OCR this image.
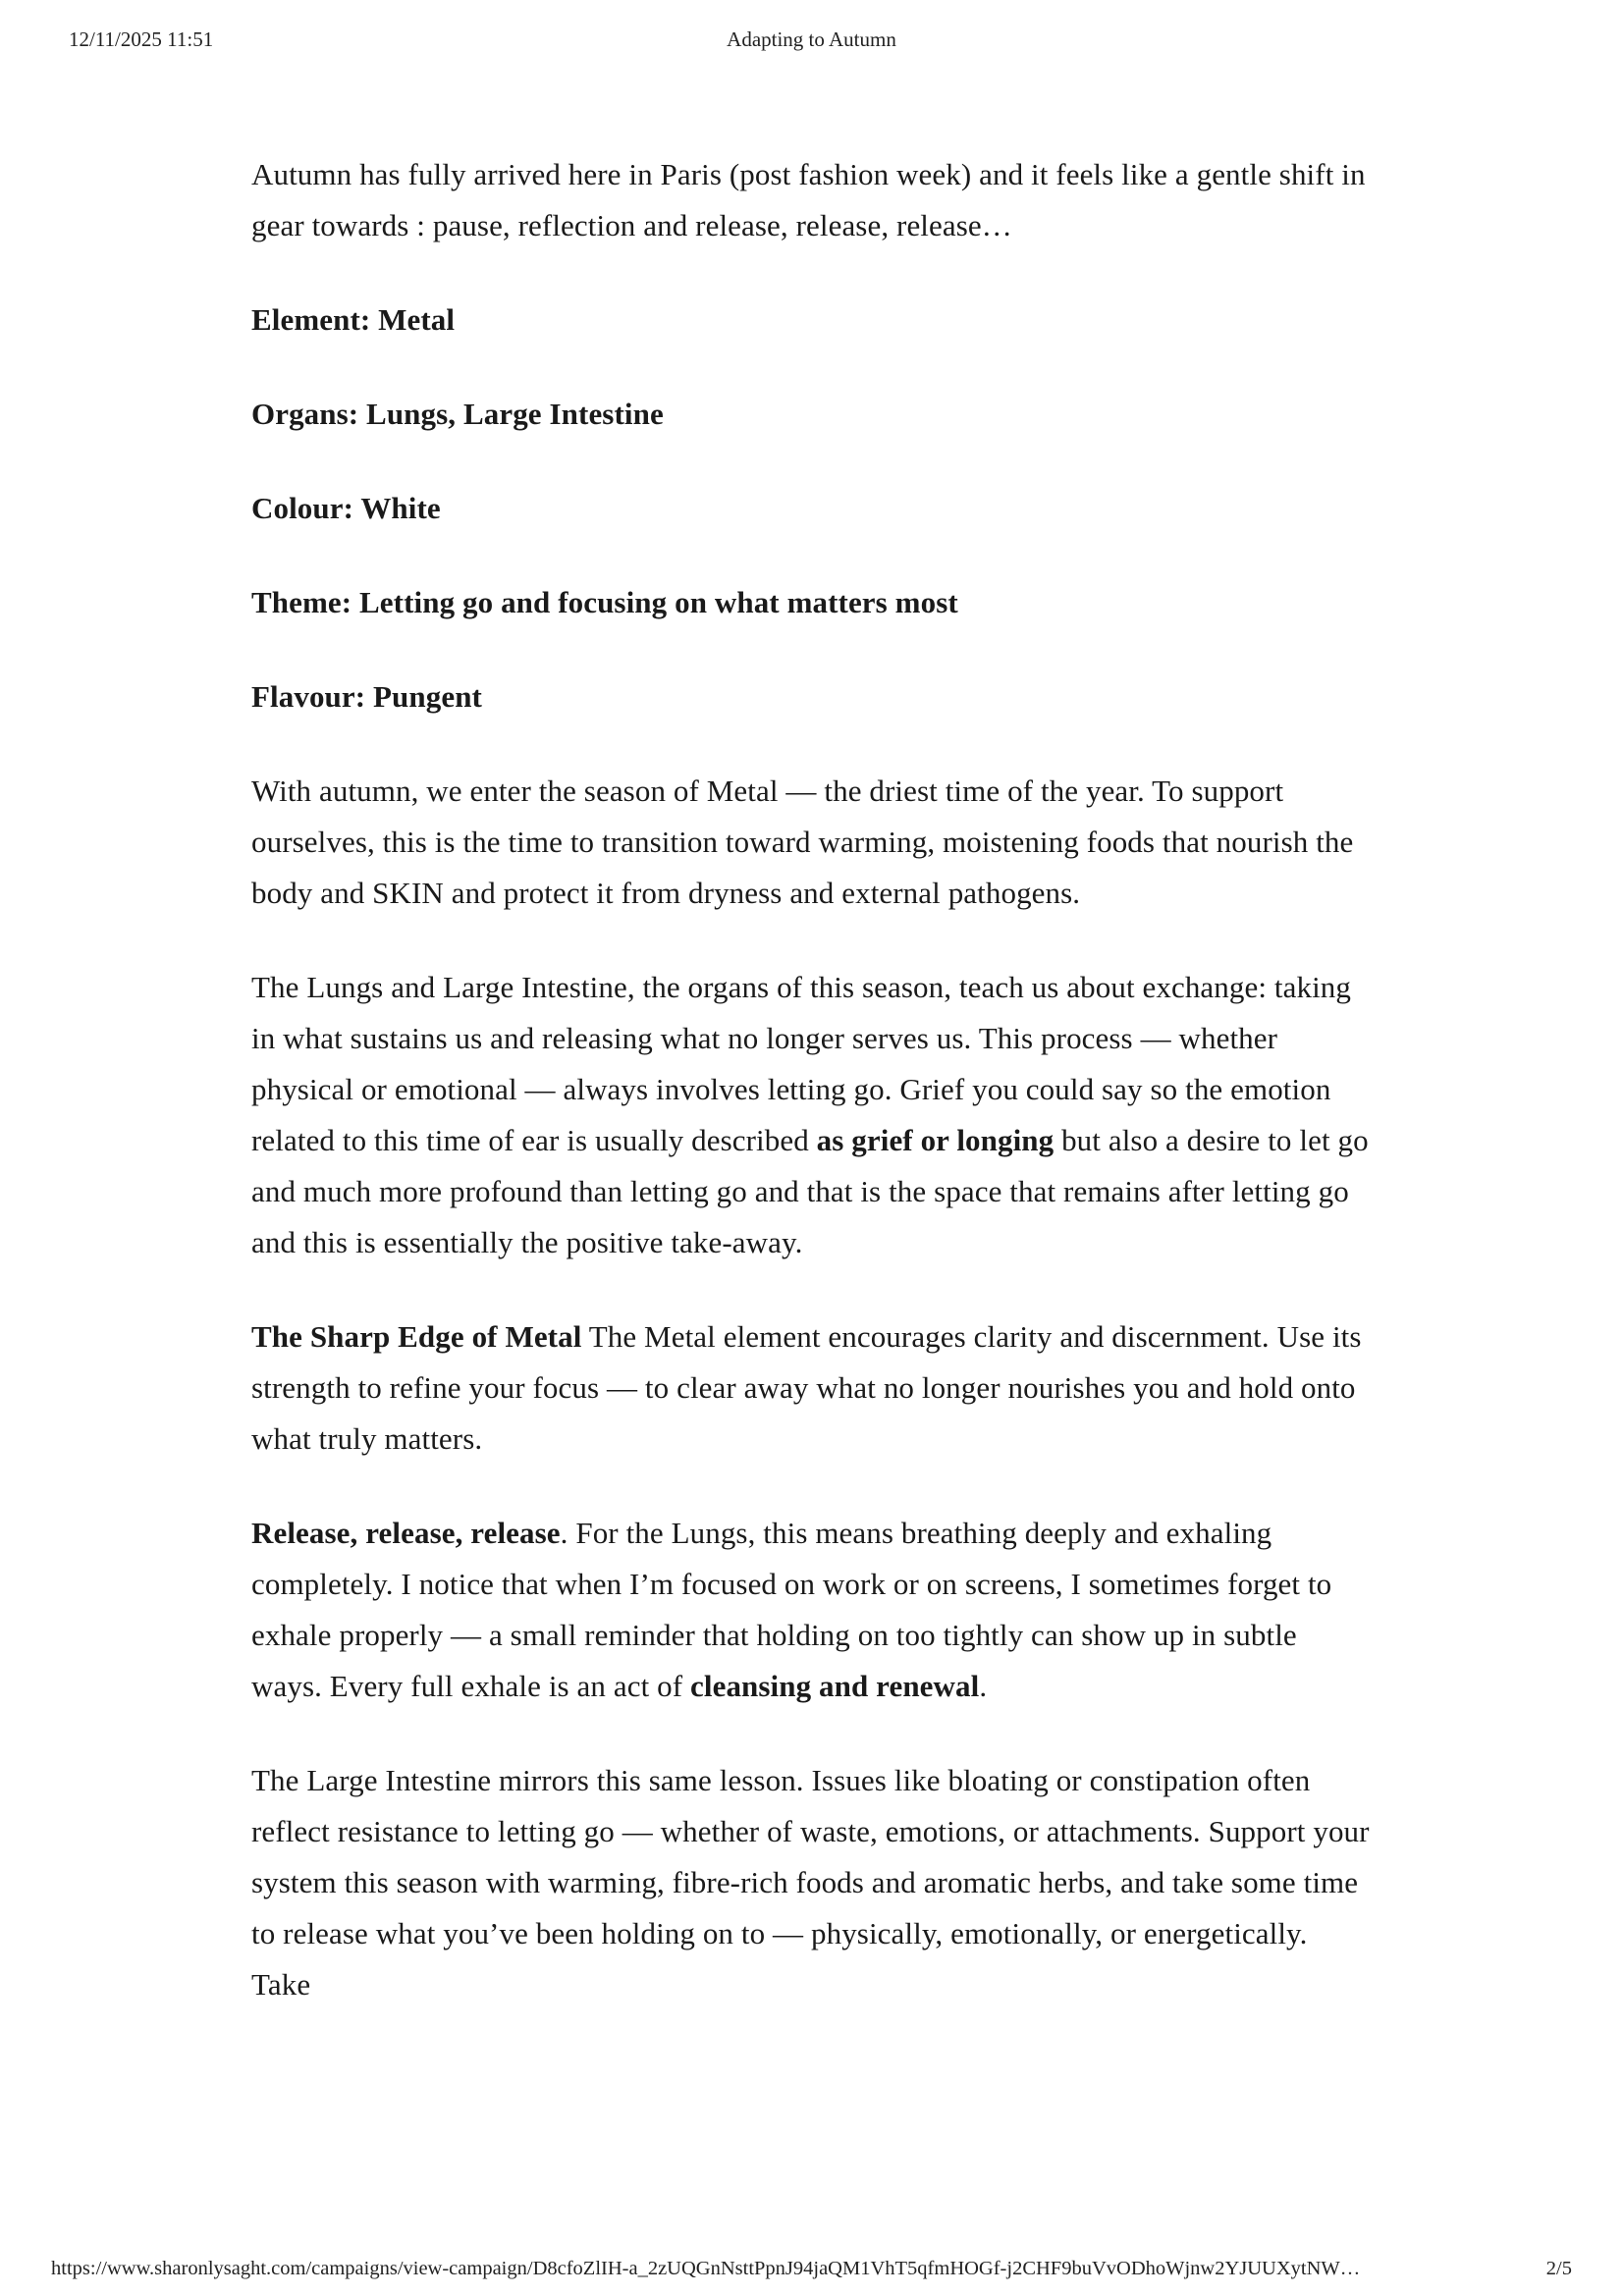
12/11/2025 11:51	Adapting to Autumn

Autumn has fully arrived here in Paris (post fashion week) and it feels like a gentle shift in gear towards : pause, reflection and release, release, release…

Element: Metal

Organs: Lungs, Large Intestine

Colour: White

Theme: Letting go and focusing on what matters most

Flavour: Pungent

With autumn, we enter the season of Metal — the driest time of the year. To support ourselves, this is the time to transition toward warming, moistening foods that nourish the body and SKIN and protect it from dryness and external pathogens.

The Lungs and Large Intestine, the organs of this season, teach us about exchange: taking in what sustains us and releasing what no longer serves us. This process — whether physical or emotional — always involves letting go. Grief you could say so the emotion related to this time of ear is usually described as grief or longing but also a desire to let go and much more profound than letting go and that is the space that remains after letting go and this is essentially the positive take-away.

The Sharp Edge of Metal The Metal element encourages clarity and discernment. Use its strength to refine your focus — to clear away what no longer nourishes you and hold onto what truly matters.

Release, release, release. For the Lungs, this means breathing deeply and exhaling completely. I notice that when I’m focused on work or on screens, I sometimes forget to exhale properly — a small reminder that holding on too tightly can show up in subtle ways. Every full exhale is an act of cleansing and renewal.

The Large Intestine mirrors this same lesson. Issues like bloating or constipation often reflect resistance to letting go — whether of waste, emotions, or attachments. Support your system this season with warming, fibre-rich foods and aromatic herbs, and take some time to release what you’ve been holding on to — physically, emotionally, or energetically. Take

https://www.sharonlysaght.com/campaigns/view-campaign/D8cfoZlIH-a_2zUQGnNsttPpnJ94jaQM1VhT5qfmHOGf-j2CHF9buVvODhoWjnw2YJUUXytNW…	2/5
